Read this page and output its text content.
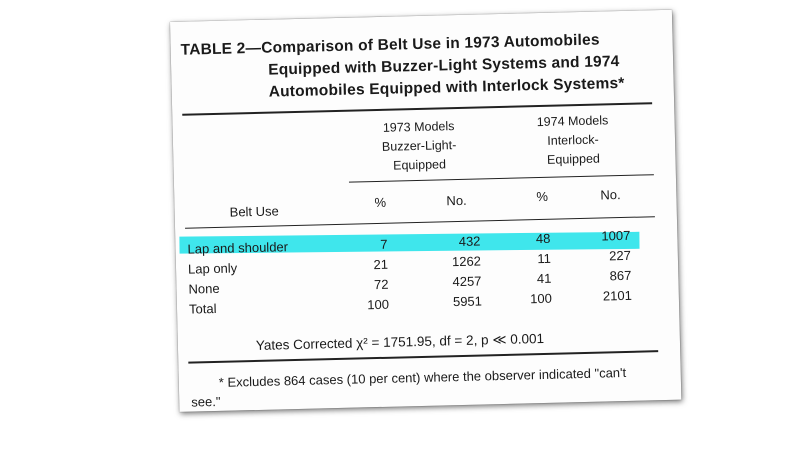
TABLE 2—Comparison of Belt Use in 1973 Automobiles
Equipped with Buzzer-Light Systems and 1974
Automobiles Equipped with Interlock Systems*
1973 Models
Buzzer-Light-
Equipped
1974 Models
Interlock-
Equipped
Belt Use
%	No.	%	No.
Lap and shoulder	7	432	48	1007
Lap only	21	1262	11	227
None	72	4257	41	867
Total	100	5951	100	2101
Yates Corrected χ² = 1751.95, df = 2, p ≪ 0.001
* Excludes 864 cases (10 per cent) where the observer indicated "can't
see."
